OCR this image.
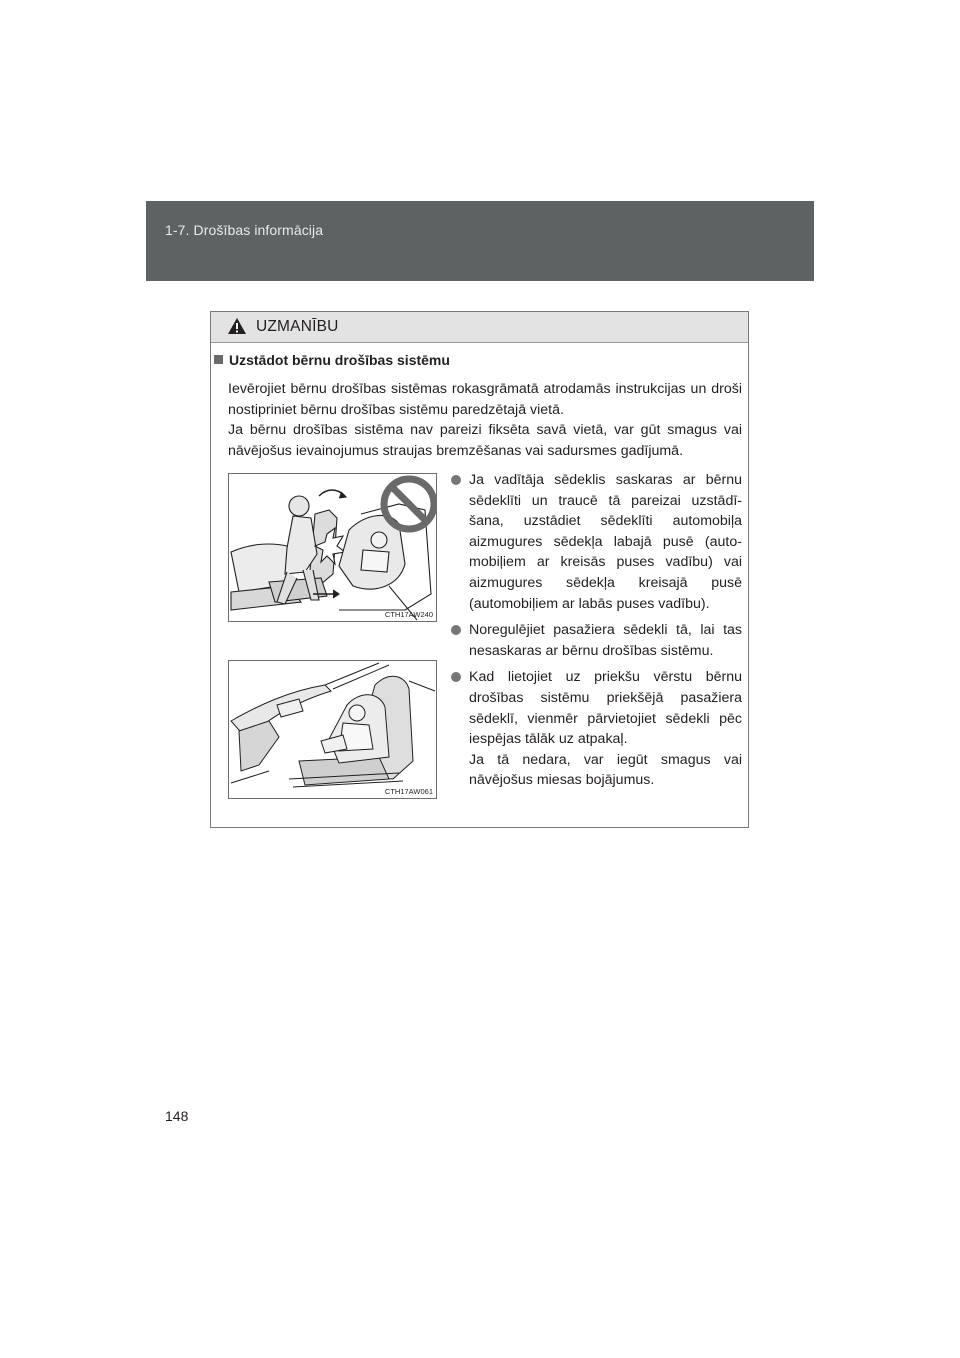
1-7. Drošības informācija
UZMANĪBU
Uzstādot bērnu drošības sistēmu

Ievērojiet bērnu drošības sistēmas rokasgrāmatā atrodamās instrukcijas un droši nostipriniet bērnu drošības sistēmu paredzētajā vietā.

Ja bērnu drošības sistēma nav pareizi fiksēta savā vietā, var gūt smagus vai nāvējošus ievainojumus straujas bremzēšanas vai sadursmes gadījumā.

CTH17AW240
CTH17AW061
Ja vadītāja sēdeklis saskaras ar bērnu sēdeklīti un traucē tā pareizai uzstādī-šana, uzstādiet sēdeklīti automobiļa aizmugures sēdekļa labajā pusē (auto-mobiļiem ar kreisās puses vadību) vai aizmugures sēdekļa kreisajā pusē (automobiļiem ar labās puses vadību).
Noregulējiet pasažiera sēdekli tā, lai tas nesaskaras ar bērnu drošības sistēmu.
Kad lietojiet uz priekšu vērstu bērnu drošības sistēmu priekšējā pasažiera sēdeklī, vienmēr pārvietojiet sēdekli pēc iespējas tālāk uz atpakaļ.
Ja tā nedara, var iegūt smagus vai nāvējošus miesas bojājumus.
148
